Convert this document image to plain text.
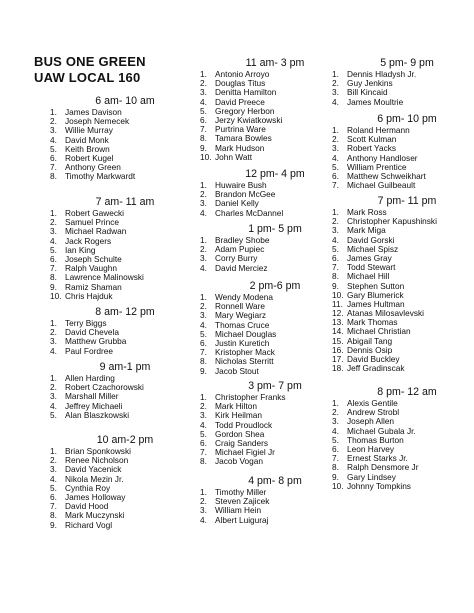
BUS ONE GREEN
UAW LOCAL 160
6 am- 10 am
1. James Davison
2. Joseph Nemecek
3. Willie Murray
4. David Monk
5. Keith Brown
6. Robert Kugel
7. Anthony Green
8. Timothy Markwardt
7 am- 11 am
1. Robert Gawecki
2. Samuel Prince
3. Michael Radwan
4. Jack Rogers
5. Ian King
6. Joseph Schulte
7. Ralph Vaughn
8. Lawrence Malinowski
9. Ramiz Shaman
10. Chris Hajduk
8 am- 12 pm
1. Terry Biggs
2. David Chevela
3. Matthew Grubba
4. Paul Fordree
9 am-1 pm
1. Allen Harding
2. Robert Czachorowski
3. Marshall Miller
4. Jeffrey Michaeli
5. Alan Blaszkowski
10 am-2 pm
1. Brian Sponkowski
2. Renee Nicholson
3. David Yacenick
4. Nikola Mezin Jr.
5. Cynthia Roy
6. James Holloway
7. David Hood
8. Mark Muczynski
9. Richard Vogl
11 am- 3 pm
1. Antonio Arroyo
2. Douglas Titus
3. Denitta Hamilton
4. David Preece
5. Gregory Herbon
6. Jerzy Kwiatkowski
7. Purtrina Ware
8. Tamara Bowles
9. Mark Hudson
10. John Watt
12 pm- 4 pm
1. Huwaire Bush
2. Brandon McGee
3. Daniel Kelly
4. Charles McDannel
1 pm- 5 pm
1. Bradley Shobe
2. Adam Pupiec
3. Corry Burry
4. David Merciez
2 pm-6 pm
1. Wendy Modena
2. Ronnell Ware
3. Mary Wegiarz
4. Thomas Cruce
5. Michael Douglas
6. Justin Kuretich
7. Kristopher Mack
8. Nicholas Sterritt
9. Jacob Stout
3 pm- 7 pm
1. Christopher Franks
2. Mark Hilton
3. Kirk Heilman
4. Todd Proudlock
5. Gordon Shea
6. Craig Sanders
7. Michael Figiel Jr
8. Jacob Vogan
4 pm- 8 pm
1. Timothy Miller
2. Steven Zajicek
3. William Hein
4. Albert Luiguraj
5 pm- 9 pm
1. Dennis Hladysh Jr.
2. Guy Jenkins
3. Bill Kincaid
4. James Moultrie
6 pm- 10 pm
1. Roland Hermann
2. Scott Kulman
3. Robert Yacks
4. Anthony Handloser
5. William Prentice
6. Matthew Schweikhart
7. Michael Guilbeault
7 pm- 11 pm
1. Mark Ross
2. Christopher Kapushinski
3. Mark Miga
4. David Gorski
5. Michael Spisz
6. James Gray
7. Todd Stewart
8. Michael Hill
9. Stephen Sutton
10. Gary Blumerick
11. James Hultman
12. Atanas Milosavlevski
13. Mark Thomas
14. Michael Christian
15. Abigail Tang
16. Dennis Osip
17. David Buckley
18. Jeff Gradinscak
8 pm- 12 am
1. Alexis Gentile
2. Andrew Strobl
3. Joseph Allen
4. Michael Gubala Jr.
5. Thomas Burton
6. Leon Harvey
7. Ernest Starks Jr.
8. Ralph Densmore Jr
9. Gary Lindsey
10. Johnny Tompkins
